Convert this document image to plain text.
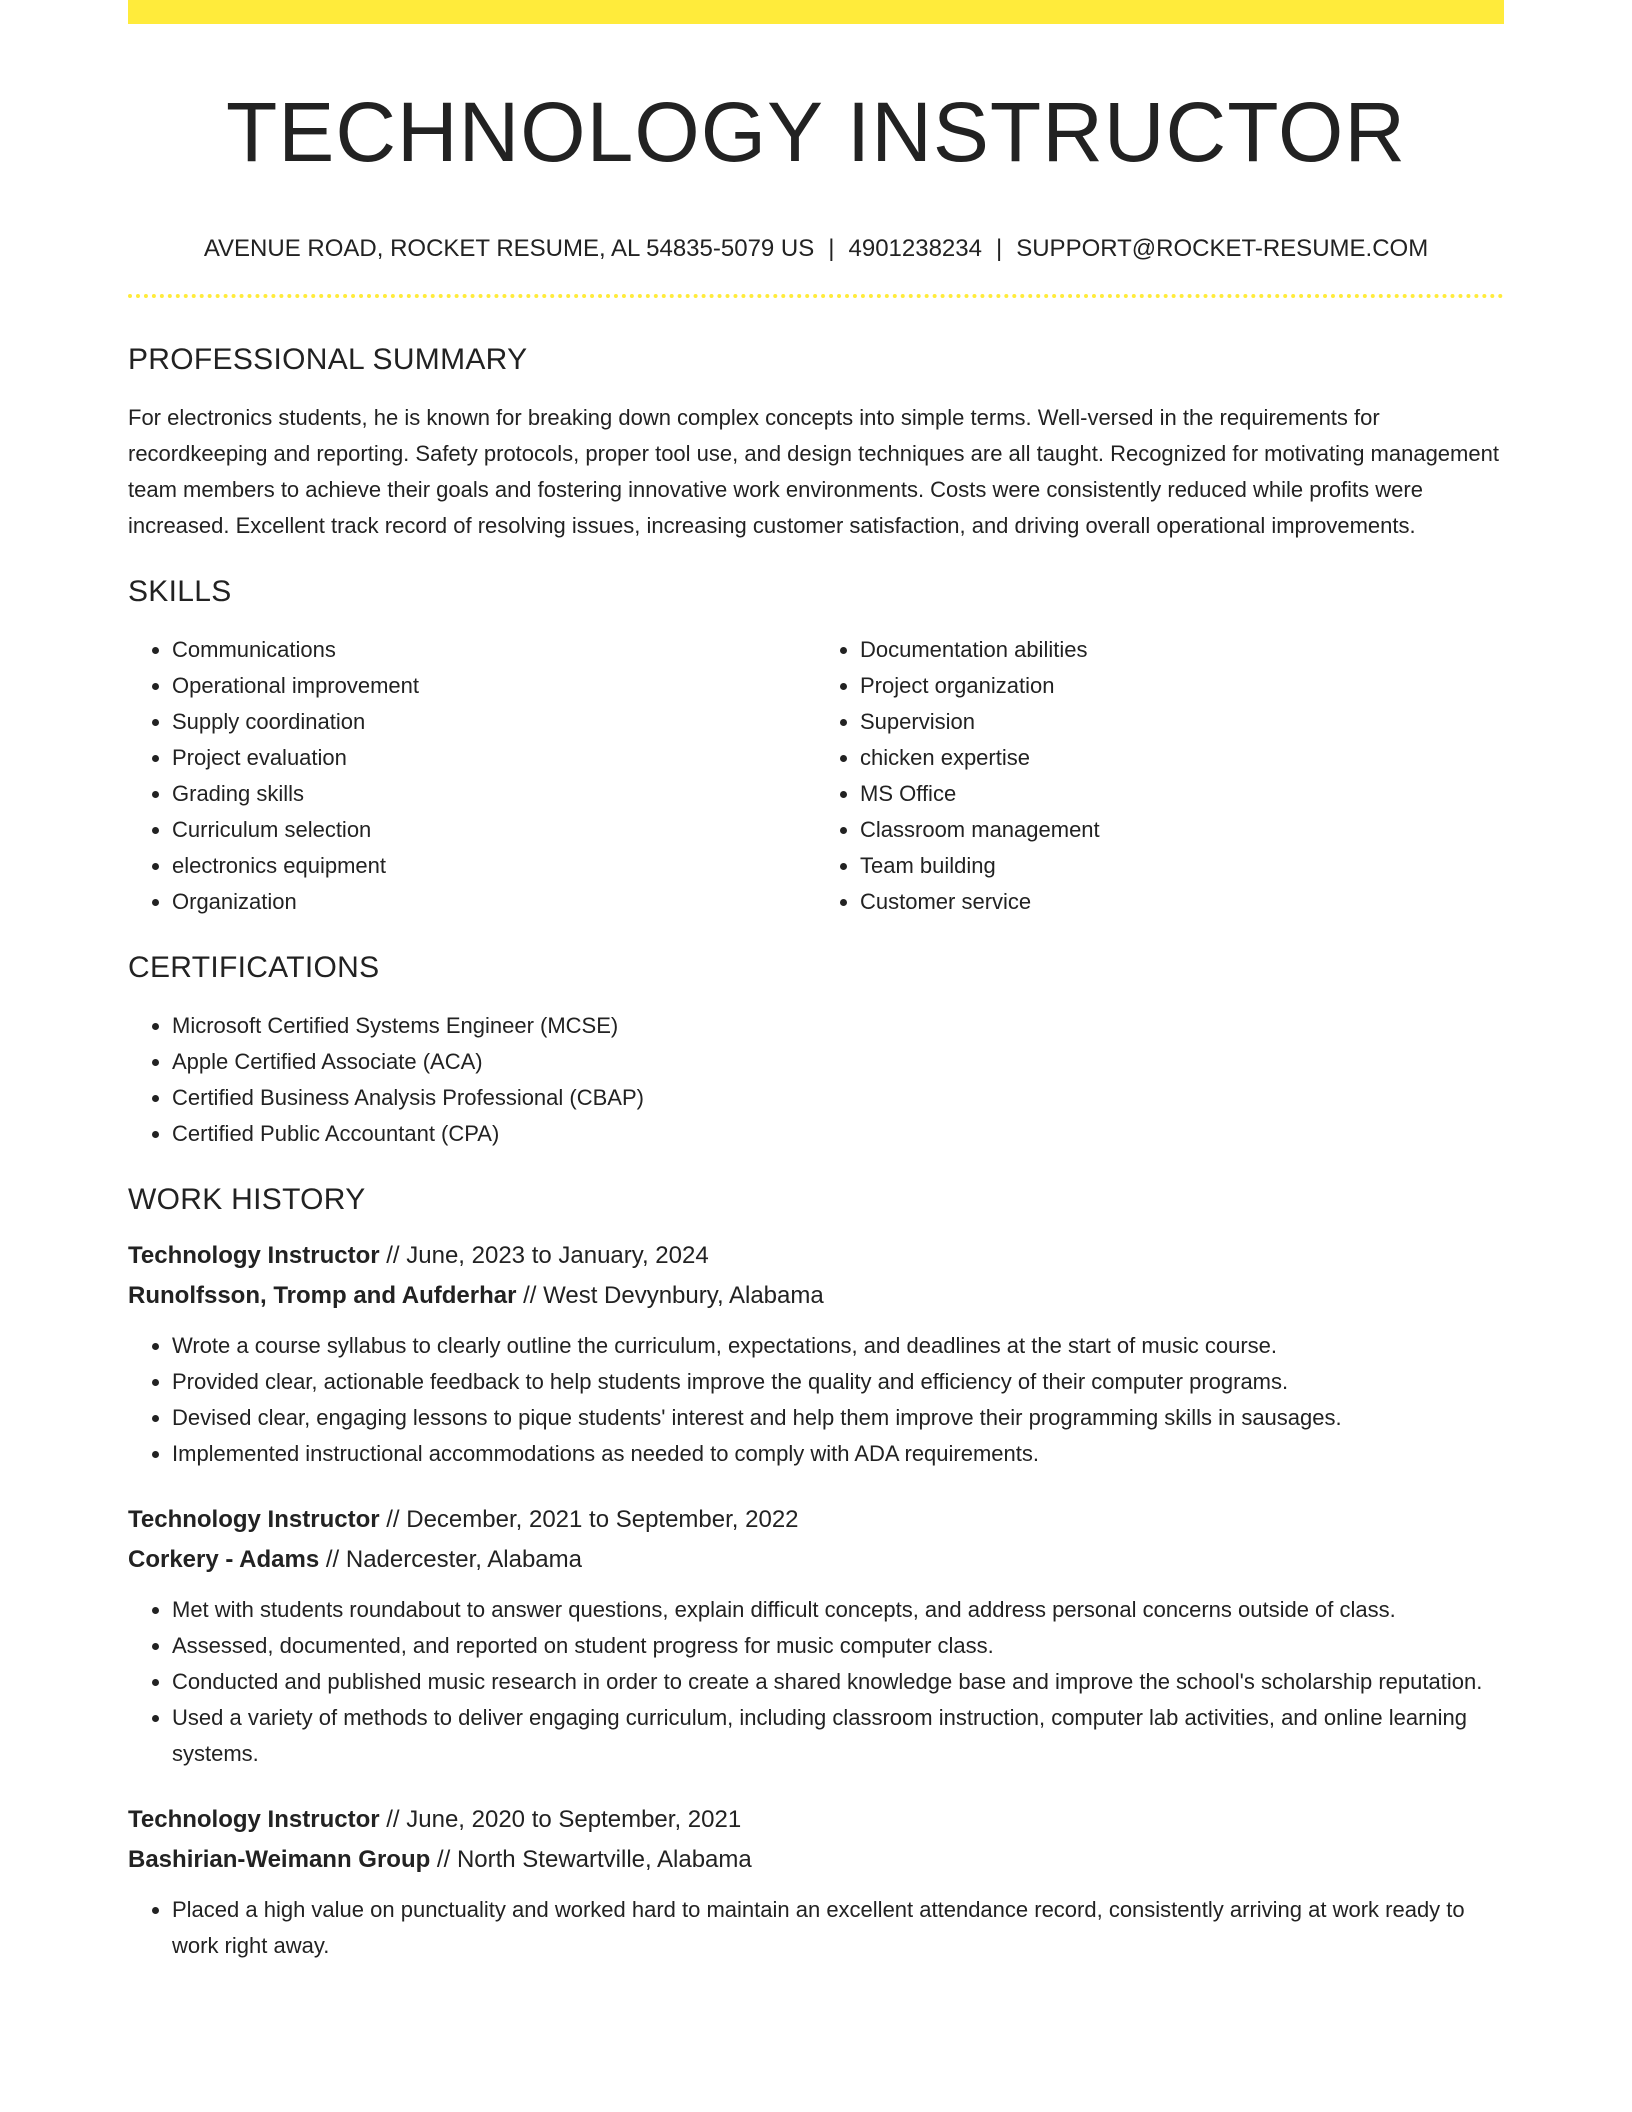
TECHNOLOGY INSTRUCTOR
AVENUE ROAD, ROCKET RESUME, AL 54835-5079 US | 4901238234 | SUPPORT@ROCKET-RESUME.COM
PROFESSIONAL SUMMARY

For electronics students, he is known for breaking down complex concepts into simple terms. Well-versed in the requirements for recordkeeping and reporting. Safety protocols, proper tool use, and design techniques are all taught. Recognized for motivating management team members to achieve their goals and fostering innovative work environments. Costs were consistently reduced while profits were increased. Excellent track record of resolving issues, increasing customer satisfaction, and driving overall operational improvements.

SKILLS
• Communications
• Operational improvement
• Supply coordination
• Project evaluation
• Grading skills
• Curriculum selection
• electronics equipment
• Organization
• Documentation abilities
• Project organization
• Supervision
• chicken expertise
• MS Office
• Classroom management
• Team building
• Customer service
CERTIFICATIONS
• Microsoft Certified Systems Engineer (MCSE)
• Apple Certified Associate (ACA)
• Certified Business Analysis Professional (CBAP)
• Certified Public Accountant (CPA)
WORK HISTORY
Technology Instructor // June, 2023 to January, 2024
Runolfsson, Tromp and Aufderhar // West Devynbury, Alabama
• Wrote a course syllabus to clearly outline the curriculum, expectations, and deadlines at the start of music course.
• Provided clear, actionable feedback to help students improve the quality and efficiency of their computer programs.
• Devised clear, engaging lessons to pique students' interest and help them improve their programming skills in sausages.
• Implemented instructional accommodations as needed to comply with ADA requirements.
Technology Instructor // December, 2021 to September, 2022
Corkery - Adams // Nadercester, Alabama
• Met with students roundabout to answer questions, explain difficult concepts, and address personal concerns outside of class.
• Assessed, documented, and reported on student progress for music computer class.
• Conducted and published music research in order to create a shared knowledge base and improve the school's scholarship reputation.
• Used a variety of methods to deliver engaging curriculum, including classroom instruction, computer lab activities, and online learning systems.
Technology Instructor // June, 2020 to September, 2021
Bashirian-Weimann Group // North Stewartville, Alabama
• Placed a high value on punctuality and worked hard to maintain an excellent attendance record, consistently arriving at work ready to work right away.
